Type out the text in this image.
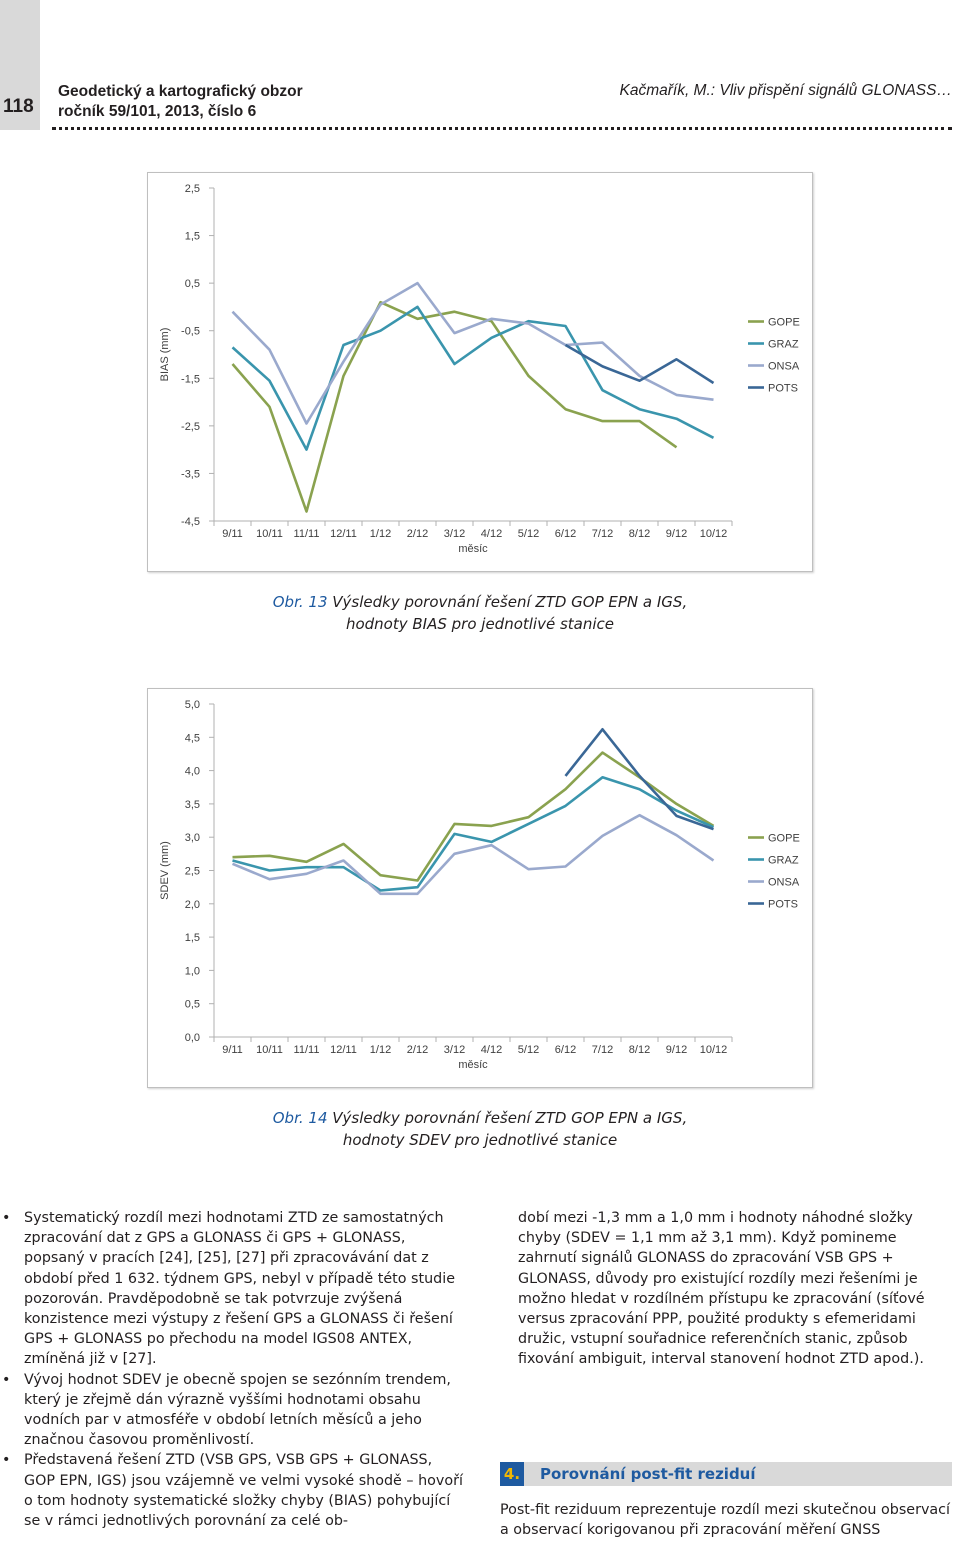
118
Geodetický a kartografický obzor
ročník 59/101, 2013, číslo 6
Kačmařík, M.: Vliv přispění signálů GLONASS…
2,5
1,5
0,5
-0,5
-1,5
-2,5
-3,5
-4,5
9/11 10/11 11/11 12/11 1/12 2/12 3/12 4/12 5/12 6/12 7/12 8/12 9/12 10/12
měsíc
BIAS (mm)
GOPE
GRAZ
ONSA
POTS
Obr. 13 Výsledky porovnání řešení ZTD GOP EPN a IGS,
hodnoty BIAS pro jednotlivé stanice
5,0
4,5
4,0
3,5
3,0
2,5
2,0
1,5
1,0
0,5
0,0
9/11 10/11 11/11 12/11 1/12 2/12 3/12 4/12 5/12 6/12 7/12 8/12 9/12 10/12
měsíc
SDEV (mm)
GOPE
GRAZ
ONSA
POTS
Obr. 14 Výsledky porovnání řešení ZTD GOP EPN a IGS,
hodnoty SDEV pro jednotlivé stanice
• Systematický rozdíl mezi hodnotami ZTD ze samostatných zpracování dat z GPS a GLONASS či GPS + GLONASS, popsaný v pracích [24], [25], [27] při zpracovávání dat z období před 1 632. týdnem GPS, nebyl v případě této studie pozorován. Pravděpodobně se tak potvrzuje zvýšená konzistence mezi výstupy z řešení GPS a GLONASS či řešení GPS + GLONASS po přechodu na model IGS08 ANTEX, zmíněná již v [27].
• Vývoj hodnot SDEV je obecně spojen se sezónním trendem, který je zřejmě dán výrazně vyššími hodnotami obsahu vodních par v atmosféře v období letních měsíců a jeho značnou časovou proměnlivostí.
• Představená řešení ZTD (VSB GPS, VSB GPS + GLONASS, GOP EPN, IGS) jsou vzájemně ve velmi vysoké shodě – hovoří o tom hodnoty systematické složky chyby (BIAS) pohybující se v rámci jednotlivých porovnání za celé ob-

dobí mezi -1,3 mm a 1,0 mm i hodnoty náhodné složky chyby (SDEV = 1,1 mm až 3,1 mm). Když pomineme zahrnutí signálů GLONASS do zpracování VSB GPS + GLONASS, důvody pro existující rozdíly mezi řešeními je možno hledat v rozdílném přístupu ke zpracování (síťové versus zpracování PPP, použité produkty s efemeridami družic, vstupní souřadnice referenčních stanic, způsob fixování ambiguit, interval stanovení hodnot ZTD apod.).

4. Porovnání post-fit reziduí

Post-fit reziduum reprezentuje rozdíl mezi skutečnou observací a observací korigovanou při zpracování měření GNSS
